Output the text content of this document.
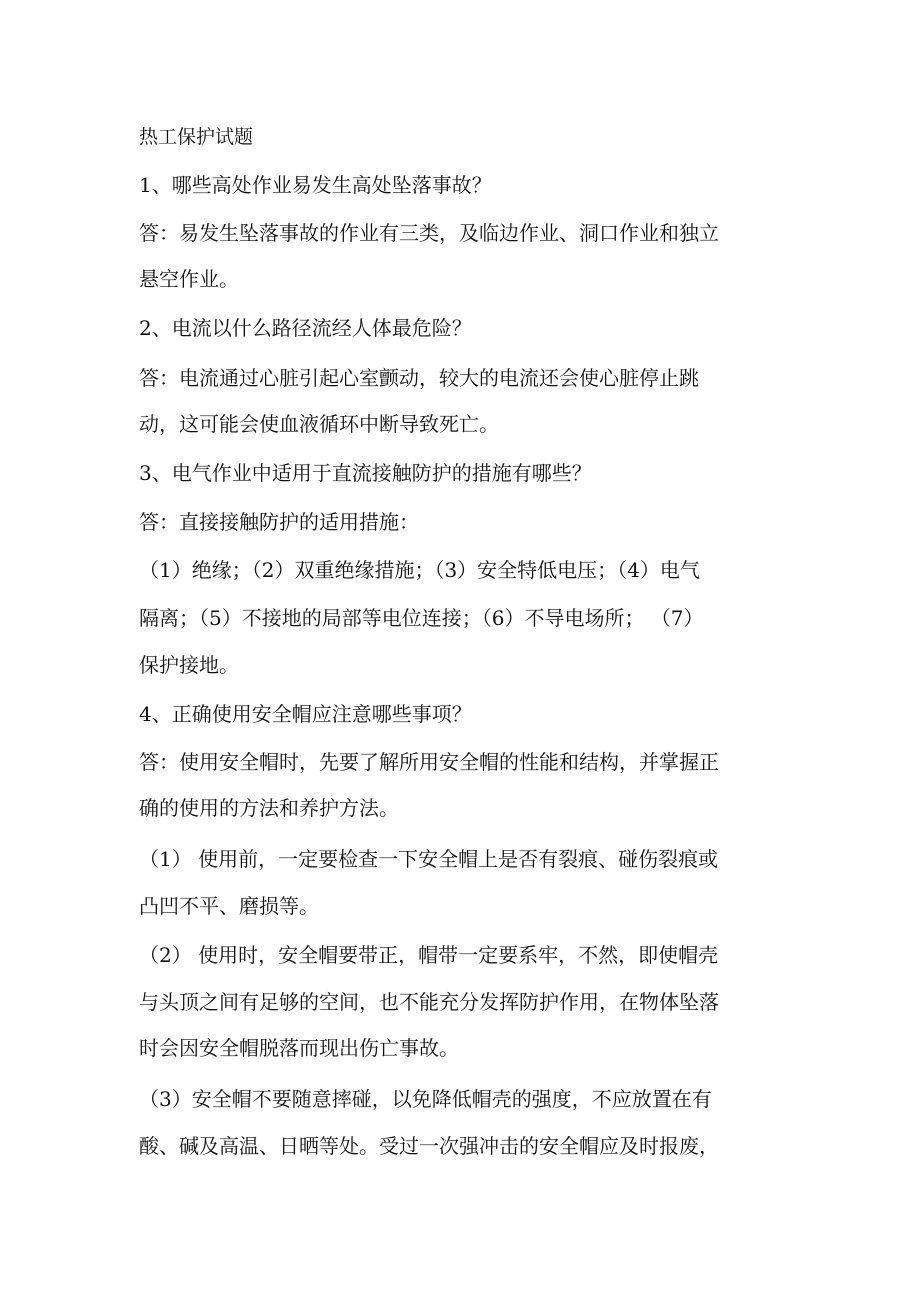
热工保护试题
1、哪些高处作业易发生高处坠落事故？
答：易发生坠落事故的作业有三类，及临边作业、洞口作业和独立
悬空作业。
2、电流以什么路径流经人体最危险？
答：电流通过心脏引起心室颤动，较大的电流还会使心脏停止跳
动，这可能会使血液循环中断导致死亡。
3、电气作业中适用于直流接触防护的措施有哪些？
答：直接接触防护的适用措施：
（1）绝缘；（2）双重绝缘措施；（3）安全特低电压；（4）电气
隔离；（5）不接地的局部等电位连接；（6）不导电场所； （7）
保护接地。
4、正确使用安全帽应注意哪些事项？
答：使用安全帽时，先要了解所用安全帽的性能和结构，并掌握正
确的使用的方法和养护方法。
（1） 使用前，一定要检查一下安全帽上是否有裂痕、碰伤裂痕或
凸凹不平、磨损等。
（2） 使用时，安全帽要带正，帽带一定要系牢，不然，即使帽壳
与头顶之间有足够的空间，也不能充分发挥防护作用，在物体坠落
时会因安全帽脱落而现出伤亡事故。
（3）安全帽不要随意摔碰，以免降低帽壳的强度，不应放置在有
酸、碱及高温、日晒等处。受过一次强冲击的安全帽应及时报废，
